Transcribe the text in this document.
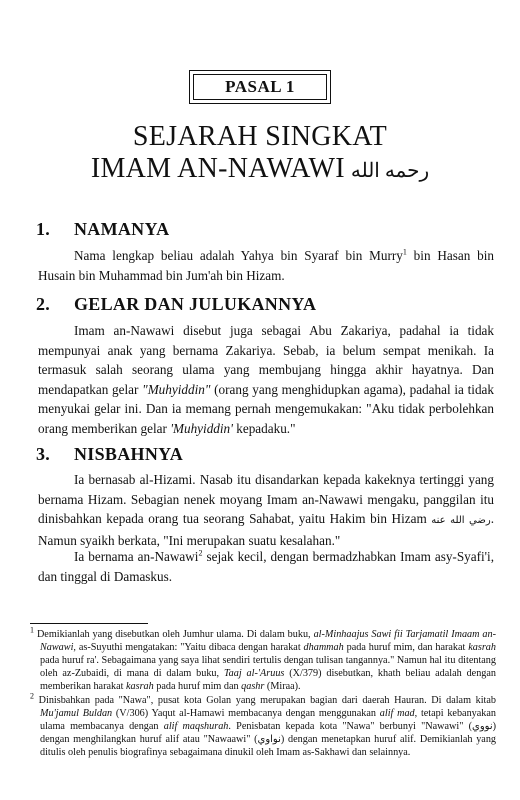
PASAL 1
SEJARAH SINGKAT
IMAM AN-NAWAWI رحمه الله
1.	NAMANYA

Nama lengkap beliau adalah Yahya bin Syaraf bin Murry$^1$ bin Hasan bin Husain bin Muhammad bin Jum'ah bin Hizam.

2.	GELAR DAN JULUKANNYA

Imam an-Nawawi disebut juga sebagai Abu Zakariya, padahal ia tidak mempunyai anak yang bernama Zakariya. Sebab, ia belum sempat menikah. Ia termasuk salah seorang ulama yang membujang hingga akhir hayatnya. Dan mendapatkan gelar "Muhyiddin" (orang yang menghidupkan agama), padahal ia tidak menyukai gelar ini. Dan ia memang pernah mengemukakan: "Aku tidak perbolehkan orang memberikan gelar 'Muhyiddin' kepadaku."

3.	NISBAHNYA

Ia bernasab al-Hizami. Nasab itu disandarkan kepada kakeknya tertinggi yang bernama Hizam. Sebagian nenek moyang Imam an-Nawawi mengaku, panggilan itu dinisbahkan kepada orang tua seorang Sahabat, yaitu Hakim bin Hizam رضي الله عنه. Namun syaikh berkata, "Ini merupakan suatu kesalahan."

Ia bernama an-Nawawi$^2$ sejak kecil, dengan bermadzhabkan Imam asy-Syafi'i, dan tinggal di Damaskus.

$^1$ Demikianlah yang disebutkan oleh Jumhur ulama. Di dalam buku, al-Minhaajus Sawi fii Tarjamatil Imaam an-Nawawi, as-Suyuthi mengatakan: "Yaitu dibaca dengan harakat dhammah pada huruf mim, dan harakat kasrah pada huruf ra'. Sebagaimana yang saya lihat sendiri tertulis dengan tulisan tangannya." Namun hal itu ditentang oleh az-Zubaidi, di mana di dalam buku, Taaj al-'Aruus (X/379) disebutkan, khath beliau adalah dengan memberikan harakat kasrah pada huruf mim dan qashr (Miraa).

$^2$ Dinisbahkan pada "Nawa", pusat kota Golan yang merupakan bagian dari daerah Hauran. Di dalam kitab Mu'jamul Buldan (V/306) Yaqut al-Hamawi membacanya dengan menggunakan alif mad, tetapi kebanyakan ulama membacanya dengan alif maqshurah. Penisbatan kepada kota "Nawa" berbunyi "Nawawi" (نووي) dengan menghilangkan huruf alif atau "Nawaawi" (نواوي) dengan menetapkan huruf alif. Demikianlah yang ditulis oleh penulis biografinya sebagaimana dinukil oleh Imam as-Sakhawi dan selainnya.
